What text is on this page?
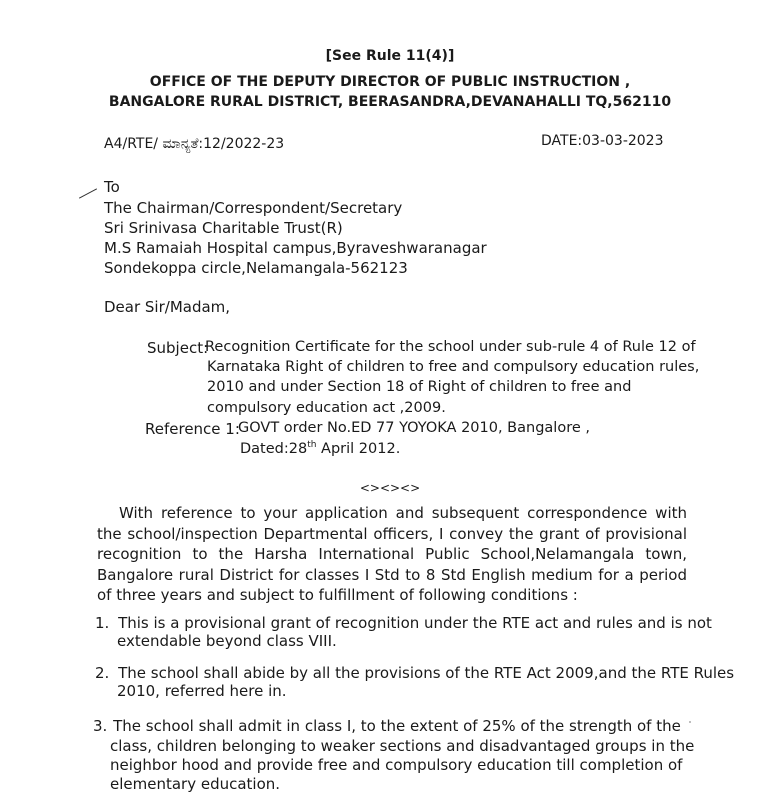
[See Rule 11(4)]
OFFICE OF THE DEPUTY DIRECTOR OF PUBLIC INSTRUCTION ,
BANGALORE RURAL DISTRICT, BEERASANDRA,DEVANAHALLI TQ,562110
A4/RTE/ ಮಾನ್ಯತೆ:12/2022-23	DATE:03-03-2023
To
The Chairman/Correspondent/Secretary
Sri Srinivasa Charitable Trust(R)
M.S Ramaiah Hospital campus,Byraveshwaranagar
Sondekoppa circle,Nelamangala-562123
Dear Sir/Madam,
Subject:
Recognition Certificate for the school under sub-rule 4 of Rule 12 of
Karnataka Right of children to free and compulsory education rules,
2010 and under Section 18 of Right of children to free and
compulsory education act ,2009.
Reference 1:
GOVT order No.ED 77 YOYOKA 2010, Bangalore ,
Dated:28th April 2012.
<><><>
With reference to your application and subsequent correspondence with the school/inspection Departmental officers, I convey the grant of provisional recognition to the Harsha International Public School,Nelamangala town, Bangalore rural District for classes I Std to 8 Std English medium for a period of three years and subject to fulfillment of following conditions :
1. This is a provisional grant of recognition under the RTE act and rules and is not
extendable beyond class VIII.
2. The school shall abide by all the provisions of the RTE Act 2009,and the RTE Rules
2010, referred here in.
3. The school shall admit in class I, to the extent of 25% of the strength of the
class, children belonging to weaker sections and disadvantaged groups in the
neighbor hood and provide free and compulsory education till completion of
elementary education.
